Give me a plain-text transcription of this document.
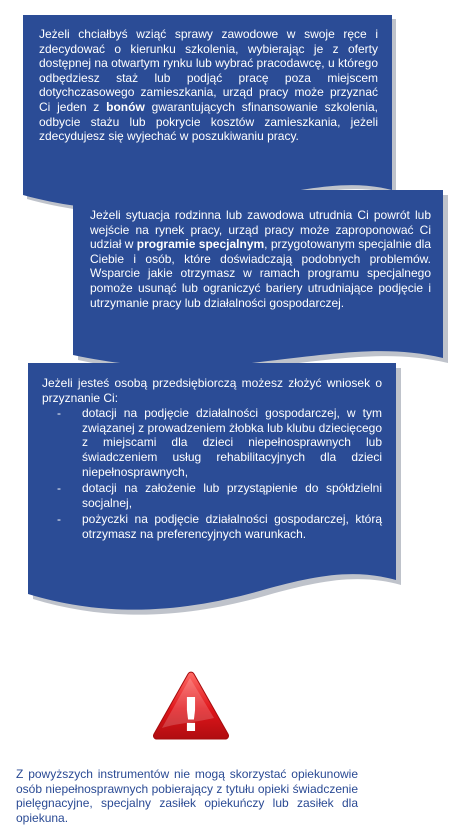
Jeżeli chciałbyś wziąć sprawy zawodowe w swoje ręce i zdecydować o kierunku szkolenia, wybierając je z oferty dostępnej na otwartym rynku lub wybrać pracodawcę, u którego odbędziesz staż lub podjąć pracę poza miejscem dotychczasowego zamieszkania, urząd pracy może przyznać Ci jeden z bonów gwarantujących sfinansowanie szkolenia, odbycie stażu lub pokrycie kosztów zamieszkania, jeżeli zdecydujesz się wyjechać w poszukiwaniu pracy.

Jeżeli sytuacja rodzinna lub zawodowa utrudnia Ci powrót lub wejście na rynek pracy, urząd pracy może zaproponować Ci udział w programie specjalnym, przygotowanym specjalnie dla Ciebie i osób, które doświadczają podobnych problemów. Wsparcie jakie otrzymasz w ramach programu specjalnego pomoże usunąć lub ograniczyć bariery utrudniające podjęcie i utrzymanie pracy lub działalności gospodarczej.

Jeżeli jesteś osobą przedsiębiorczą możesz złożyć wniosek o przyznanie Ci:

- dotacji na podjęcie działalności gospodarczej, w tym związanej z prowadzeniem żłobka lub klubu dziecięcego z miejscami dla dzieci niepełnosprawnych lub świadczeniem usług rehabilitacyjnych dla dzieci niepełnosprawnych,
- dotacji na założenie lub przystąpienie do spółdzielni socjalnej,
- pożyczki na podjęcie działalności gospodarczej, którą otrzymasz na preferencyjnych warunkach.
!

Z powyższych instrumentów nie mogą skorzystać opiekunowie osób niepełnosprawnych pobierający z tytułu opieki świadczenie pielęgnacyjne, specjalny zasiłek opiekuńczy lub zasiłek dla opiekuna.
